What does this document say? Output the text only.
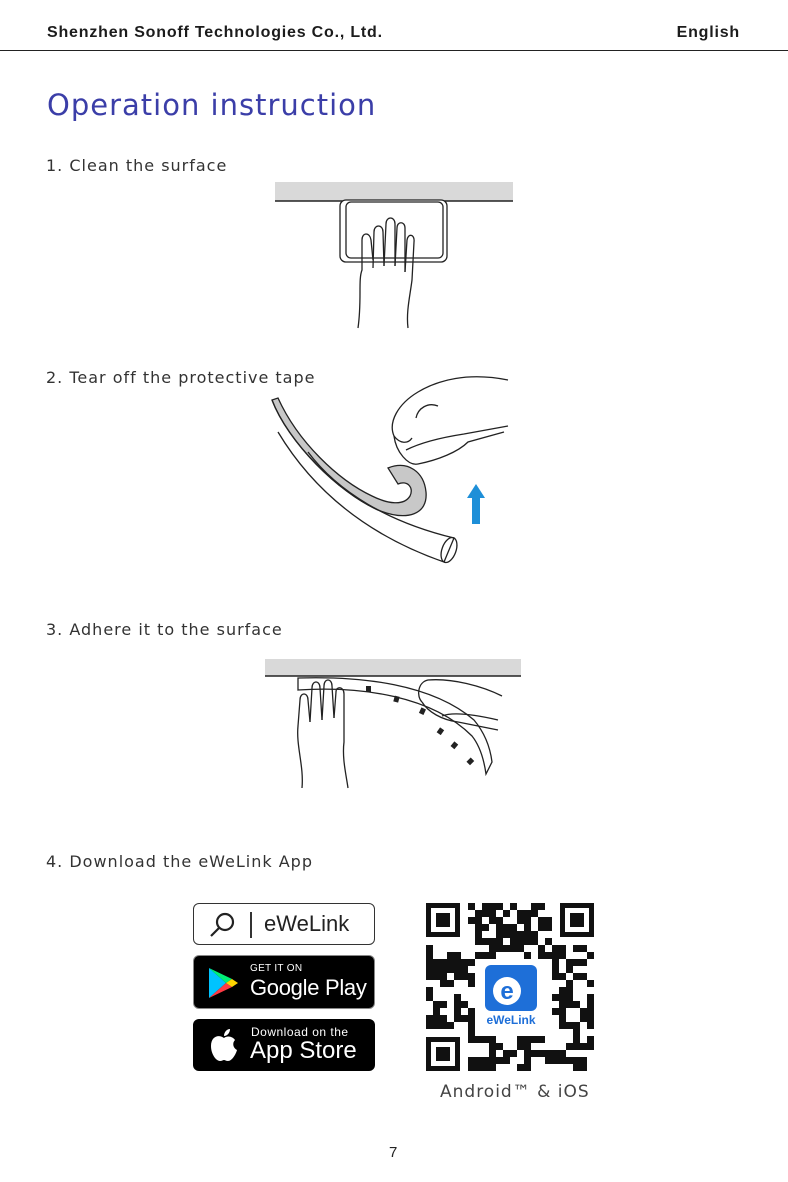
Shenzhen Sonoff Technologies Co., Ltd.	English
Operation instruction
1. Clean the surface
2. Tear off the protective tape
3. Adhere it to the surface
4. Download the eWeLink App
eWeLink
GET IT ON
Google Play
Download on the
App Store
e
eWeLink
Android™ & iOS
7
